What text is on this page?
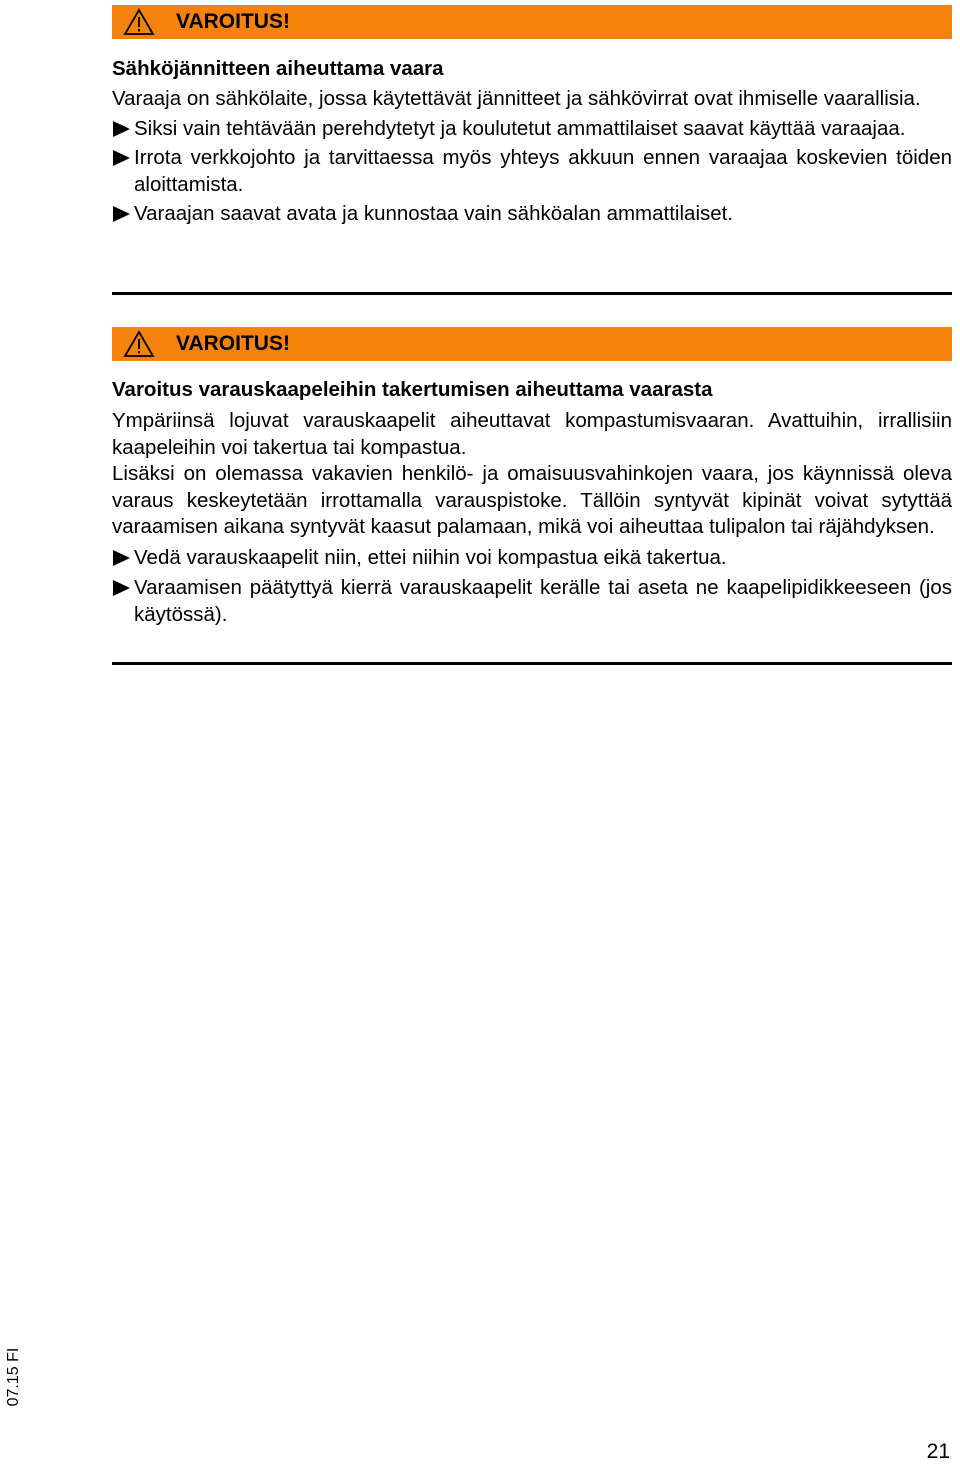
VAROITUS!
Sähköjännitteen aiheuttama vaara
Varaaja on sähkölaite, jossa käytettävät jännitteet ja sähkövirrat ovat ihmiselle vaarallisia.
Siksi vain tehtävään perehdytetyt ja koulutetut ammattilaiset saavat käyttää varaajaa.
Irrota verkkojohto ja tarvittaessa myös yhteys akkuun ennen varaajaa koskevien töiden aloittamista.
Varaajan saavat avata ja kunnostaa vain sähköalan ammattilaiset.
VAROITUS!
Varoitus varauskaapeleihin takertumisen aiheuttama vaarasta
Ympäriinsä lojuvat varauskaapelit aiheuttavat kompastumisvaaran. Avattuihin, irrallisiin kaapeleihin voi takertua tai kompastua.
Lisäksi on olemassa vakavien henkilö- ja omaisuusvahinkojen vaara, jos käynnissä oleva varaus keskeytetään irrottamalla varauspistoke. Tällöin syntyvät kipinät voivat sytyttää varaamisen aikana syntyvät kaasut palamaan, mikä voi aiheuttaa tulipalon tai räjähdyksen.
Vedä varauskaapelit niin, ettei niihin voi kompastua eikä takertua.
Varaamisen päätyttyä kierrä varauskaapelit kerälle tai aseta ne kaapelipidikkeeseen (jos käytössä).
07.15 FI
21
